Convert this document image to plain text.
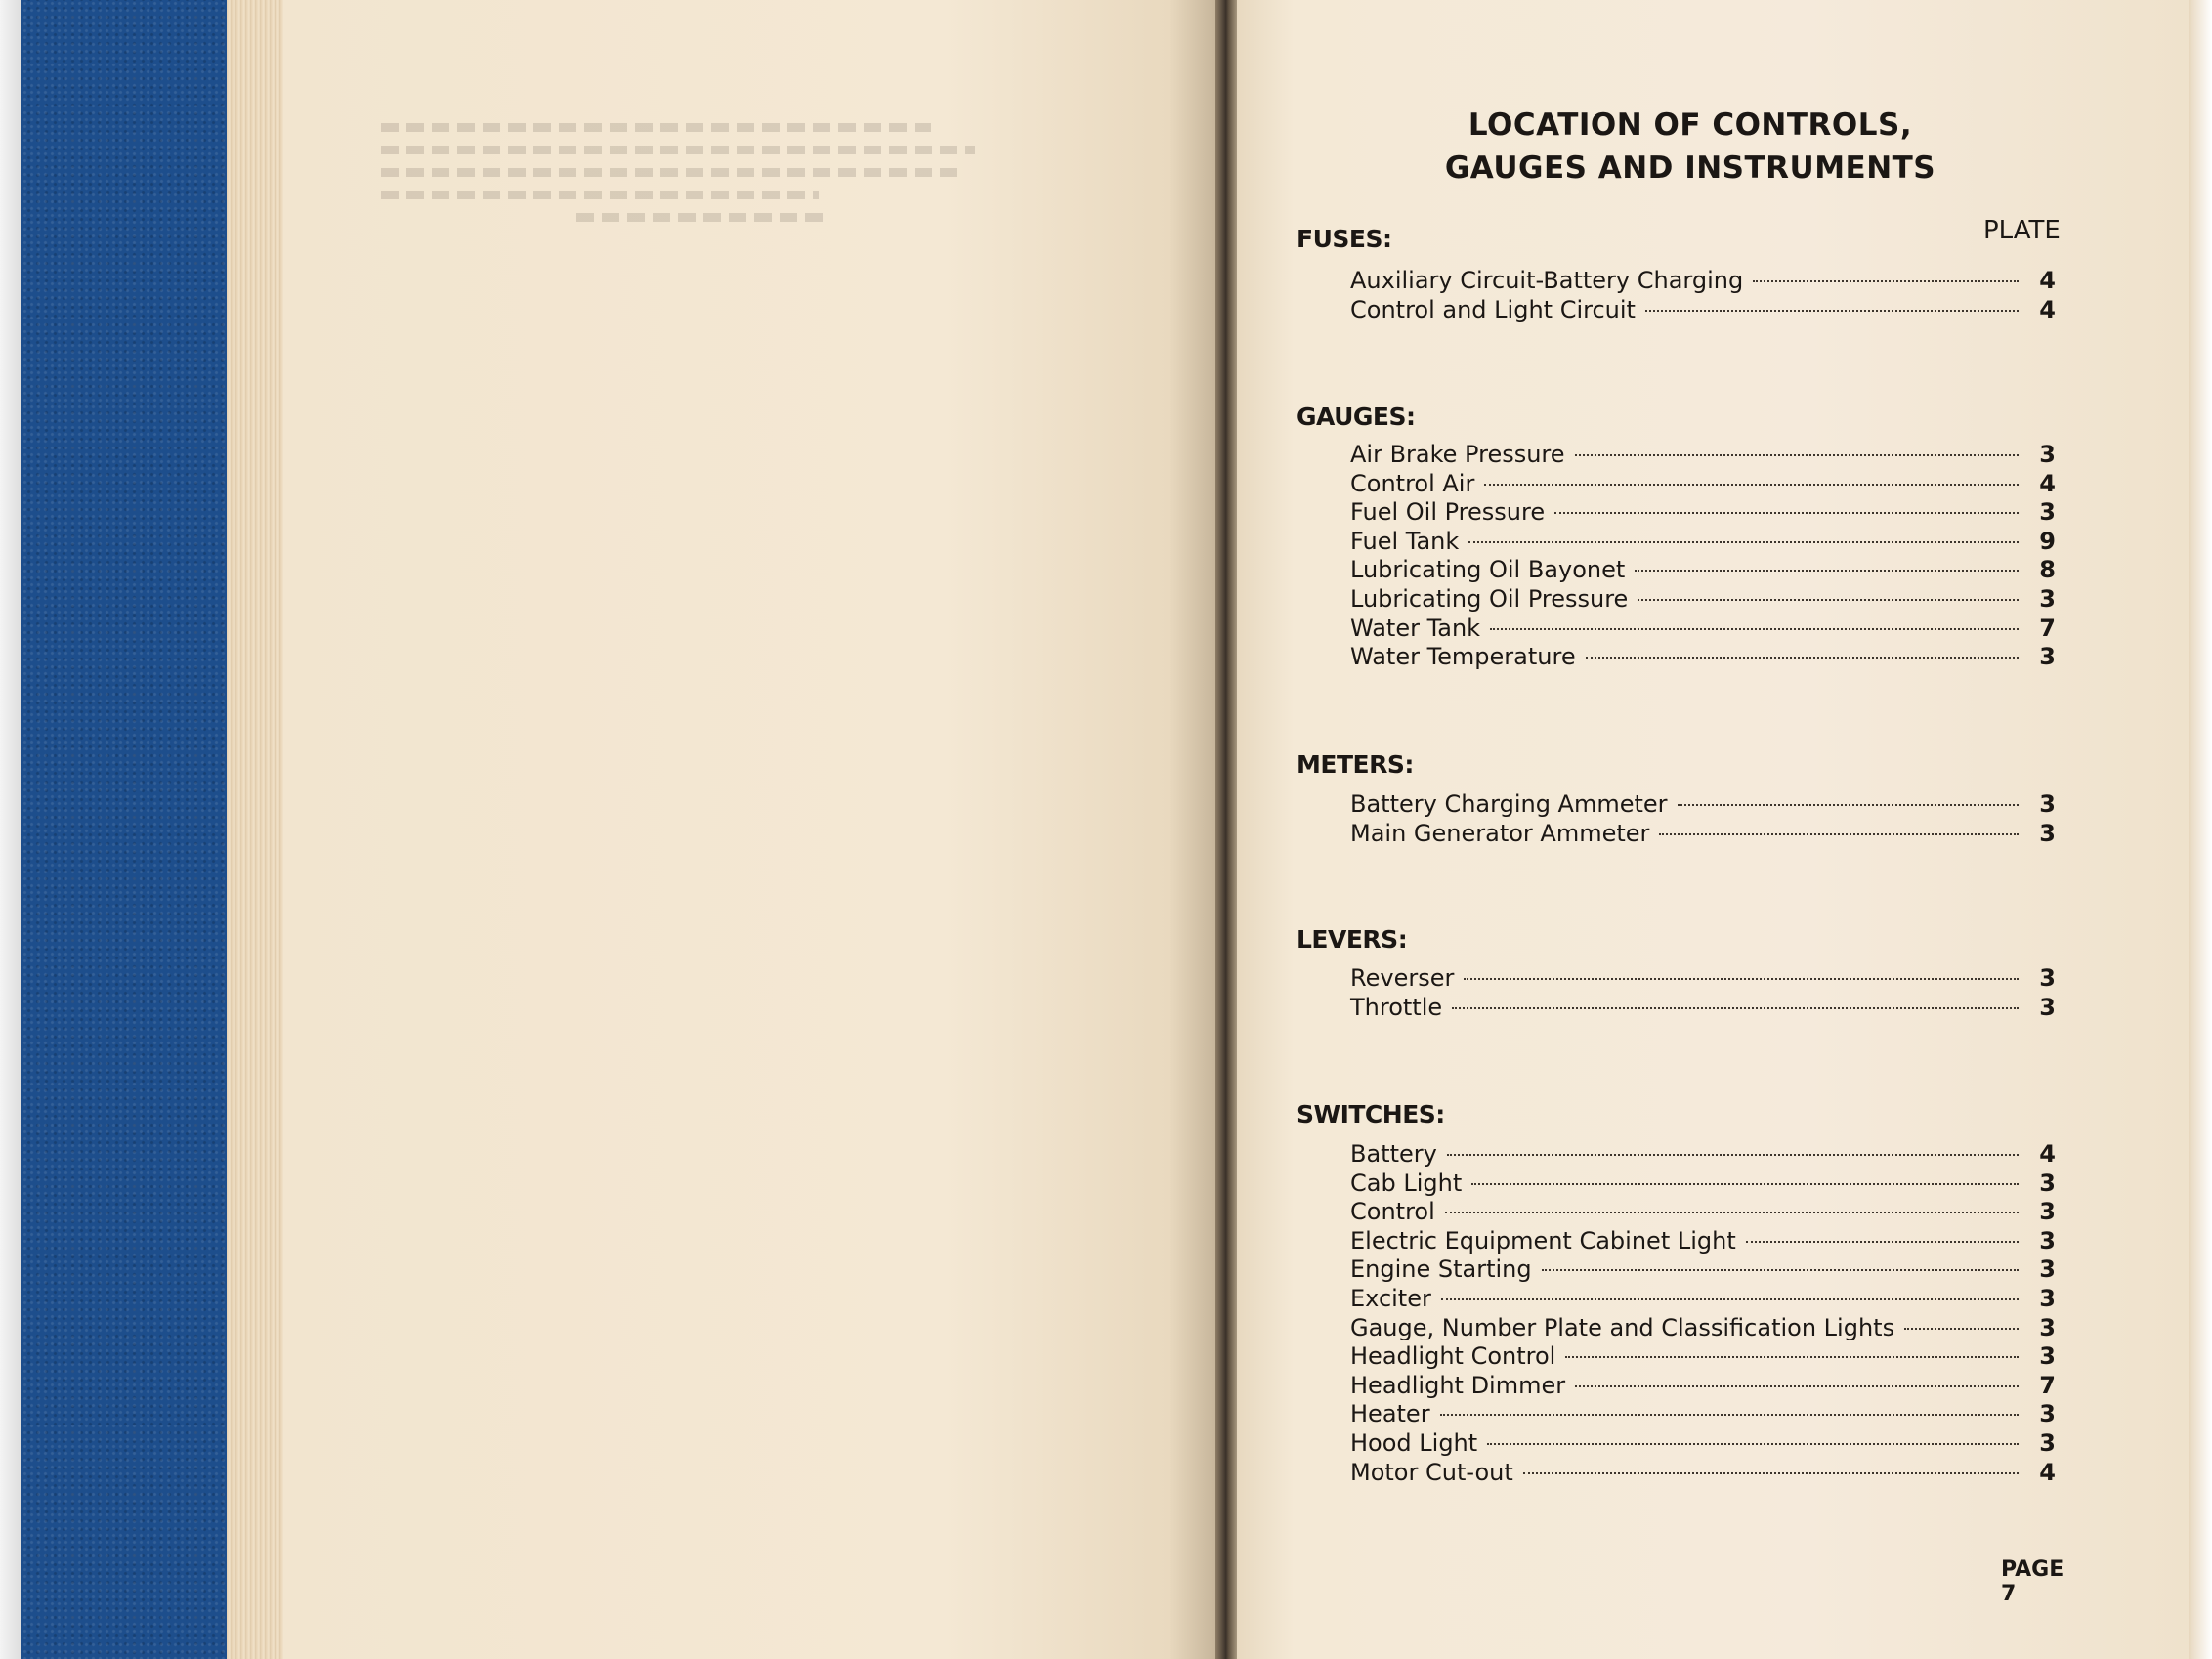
LOCATION OF CONTROLS,
GAUGES AND INSTRUMENTS
PLATE
FUSES:
Auxiliary Circuit-Battery Charging	4
Control and Light Circuit	4
GAUGES:
Air Brake Pressure	3
Control Air	4
Fuel Oil Pressure	3
Fuel Tank	9
Lubricating Oil Bayonet	8
Lubricating Oil Pressure	3
Water Tank	7
Water Temperature	3
METERS:
Battery Charging Ammeter	3
Main Generator Ammeter	3
LEVERS:
Reverser	3
Throttle	3
SWITCHES:
Battery	4
Cab Light	3
Control	3
Electric Equipment Cabinet Light	3
Engine Starting	3
Exciter	3
Gauge, Number Plate and Classification Lights	3
Headlight Control	3
Headlight Dimmer	7
Heater	3
Hood Light	3
Motor Cut-out	4
PAGE 7
